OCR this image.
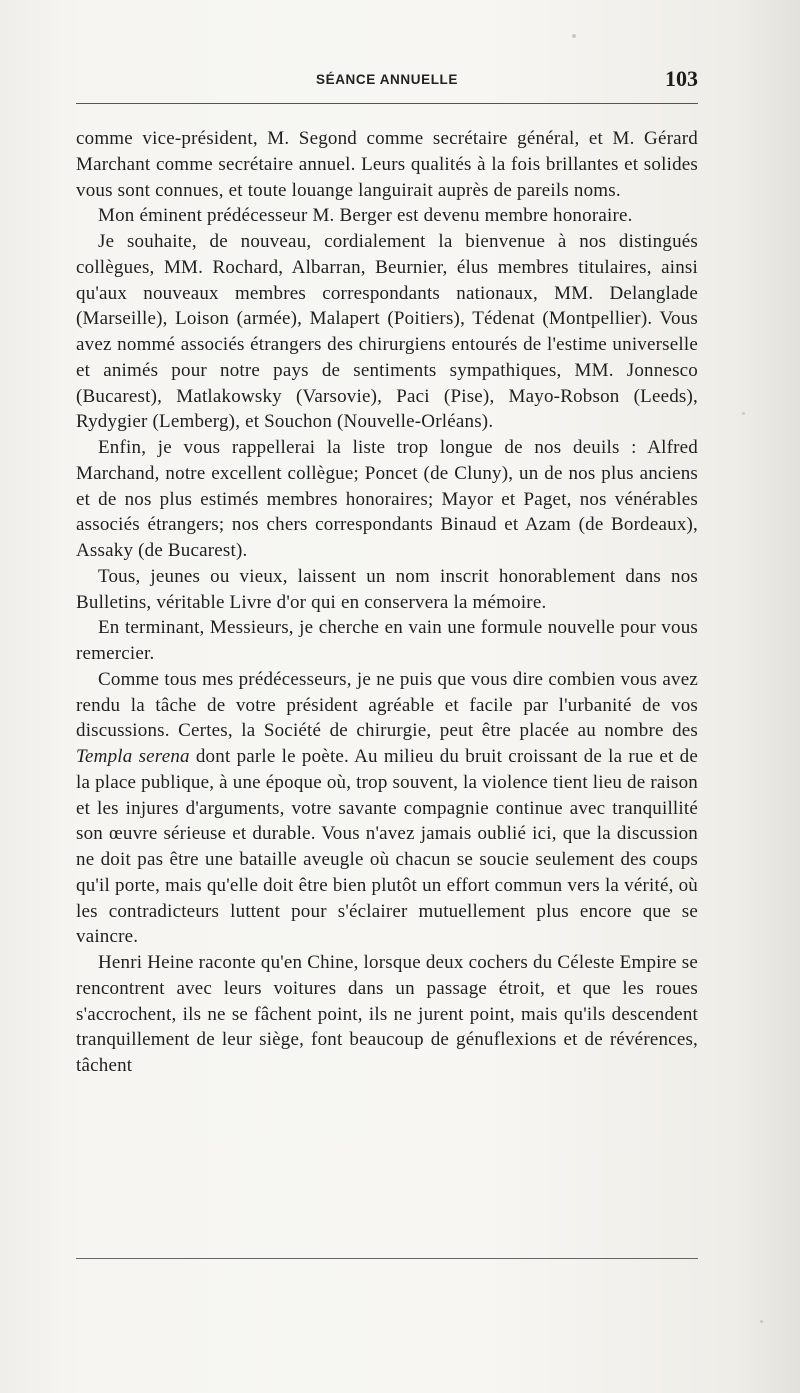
SÉANCE ANNUELLE	103

comme vice-président, M. Segond comme secrétaire général, et M. Gérard Marchant comme secrétaire annuel. Leurs qualités à la fois brillantes et solides vous sont connues, et toute louange languirait auprès de pareils noms.

Mon éminent prédécesseur M. Berger est devenu membre honoraire.

Je souhaite, de nouveau, cordialement la bienvenue à nos distingués collègues, MM. Rochard, Albarran, Beurnier, élus membres titulaires, ainsi qu'aux nouveaux membres correspondants nationaux, MM. Delanglade (Marseille), Loison (armée), Malapert (Poitiers), Tédenat (Montpellier). Vous avez nommé associés étrangers des chirurgiens entourés de l'estime universelle et animés pour notre pays de sentiments sympathiques, MM. Jonnesco (Bucarest), Matlakowsky (Varsovie), Paci (Pise), Mayo-Robson (Leeds), Rydygier (Lemberg), et Souchon (Nouvelle-Orléans).

Enfin, je vous rappellerai la liste trop longue de nos deuils : Alfred Marchand, notre excellent collègue; Poncet (de Cluny), un de nos plus anciens et de nos plus estimés membres honoraires; Mayor et Paget, nos vénérables associés étrangers; nos chers correspondants Binaud et Azam (de Bordeaux), Assaky (de Bucarest).

Tous, jeunes ou vieux, laissent un nom inscrit honorablement dans nos Bulletins, véritable Livre d'or qui en conservera la mémoire.

En terminant, Messieurs, je cherche en vain une formule nouvelle pour vous remercier.

Comme tous mes prédécesseurs, je ne puis que vous dire combien vous avez rendu la tâche de votre président agréable et facile par l'urbanité de vos discussions. Certes, la Société de chirurgie, peut être placée au nombre des Templa serena dont parle le poète. Au milieu du bruit croissant de la rue et de la place publique, à une époque où, trop souvent, la violence tient lieu de raison et les injures d'arguments, votre savante compagnie continue avec tranquillité son œuvre sérieuse et durable. Vous n'avez jamais oublié ici, que la discussion ne doit pas être une bataille aveugle où chacun se soucie seulement des coups qu'il porte, mais qu'elle doit être bien plutôt un effort commun vers la vérité, où les contradicteurs luttent pour s'éclairer mutuellement plus encore que se vaincre.

Henri Heine raconte qu'en Chine, lorsque deux cochers du Céleste Empire se rencontrent avec leurs voitures dans un passage étroit, et que les roues s'accrochent, ils ne se fâchent point, ils ne jurent point, mais qu'ils descendent tranquillement de leur siège, font beaucoup de génuflexions et de révérences, tâchent
